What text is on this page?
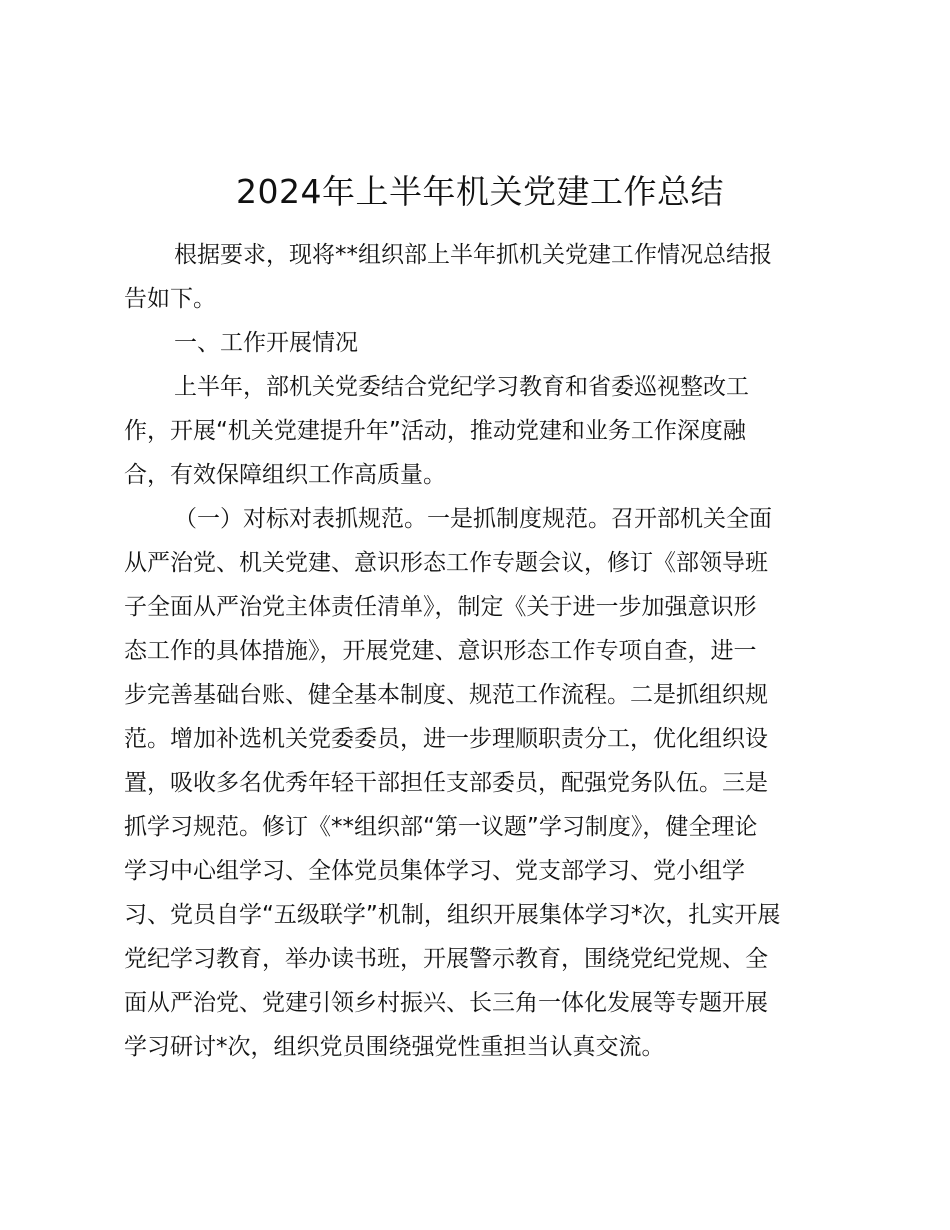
2024年上半年机关党建工作总结

根据要求，现将**组织部上半年抓机关党建工作情况总结报
告如下。

一、工作开展情况

上半年，部机关党委结合党纪学习教育和省委巡视整改工
作，开展“机关党建提升年”活动，推动党建和业务工作深度融
合，有效保障组织工作高质量。

（一）对标对表抓规范。一是抓制度规范。召开部机关全面
从严治党、机关党建、意识形态工作专题会议，修订《部领导班
子全面从严治党主体责任清单》，制定《关于进一步加强意识形
态工作的具体措施》，开展党建、意识形态工作专项自查，进一
步完善基础台账、健全基本制度、规范工作流程。二是抓组织规
范。增加补选机关党委委员，进一步理顺职责分工，优化组织设
置，吸收多名优秀年轻干部担任支部委员，配强党务队伍。三是
抓学习规范。修订《**组织部“第一议题”学习制度》，健全理论
学习中心组学习、全体党员集体学习、党支部学习、党小组学
习、党员自学“五级联学”机制，组织开展集体学习*次，扎实开展
党纪学习教育，举办读书班，开展警示教育，围绕党纪党规、全
面从严治党、党建引领乡村振兴、长三角一体化发展等专题开展
学习研讨*次，组织党员围绕强党性重担当认真交流。
